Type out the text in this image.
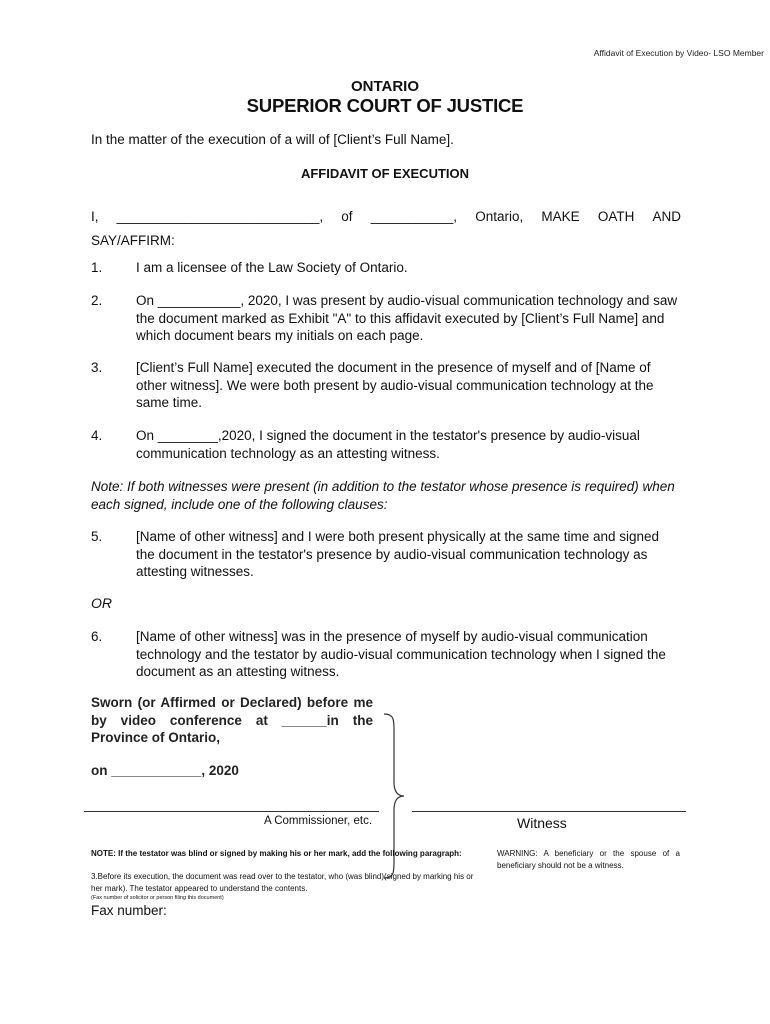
Affidavit of Execution by Video- LSO Member
ONTARIO
SUPERIOR COURT OF JUSTICE
In the matter of the execution of a will of [Client’s Full Name].
AFFIDAVIT OF EXECUTION
I, ___________________________, of ___________, Ontario, MAKE OATH AND
SAY/AFFIRM:
1.	I am a licensee of the Law Society of Ontario.
2.	On ___________, 2020, I was present by audio-visual communication technology and saw the document marked as Exhibit "A" to this affidavit executed by [Client’s Full Name] and which document bears my initials on each page.
3.	[Client’s Full Name] executed the document in the presence of myself and of [Name of other witness]. We were both present by audio-visual communication technology at the same time.
4.	On ________,2020, I signed the document in the testator's presence by audio-visual communication technology as an attesting witness.
Note: If both witnesses were present (in addition to the testator whose presence is required) when each signed, include one of the following clauses:
5.	[Name of other witness] and I were both present physically at the same time and signed the document in the testator's presence by audio-visual communication technology as attesting witnesses.
OR
6.	[Name of other witness] was in the presence of myself by audio-visual communication technology and the testator by audio-visual communication technology when I signed the document as an attesting witness.
Sworn (or Affirmed or Declared) before me by video conference at ______in the Province of Ontario,
on ____________, 2020
A Commissioner, etc.	Witness
NOTE: If the testator was blind or signed by making his or her mark, add the following paragraph:
3.Before its execution, the document was read over to the testator, who (was blind)(signed by marking his or her mark). The testator appeared to understand the contents.
(Fax number of solicitor or person filing this document)
WARNING: A beneficiary or the spouse of a beneficiary should not be a witness.
Fax number:
